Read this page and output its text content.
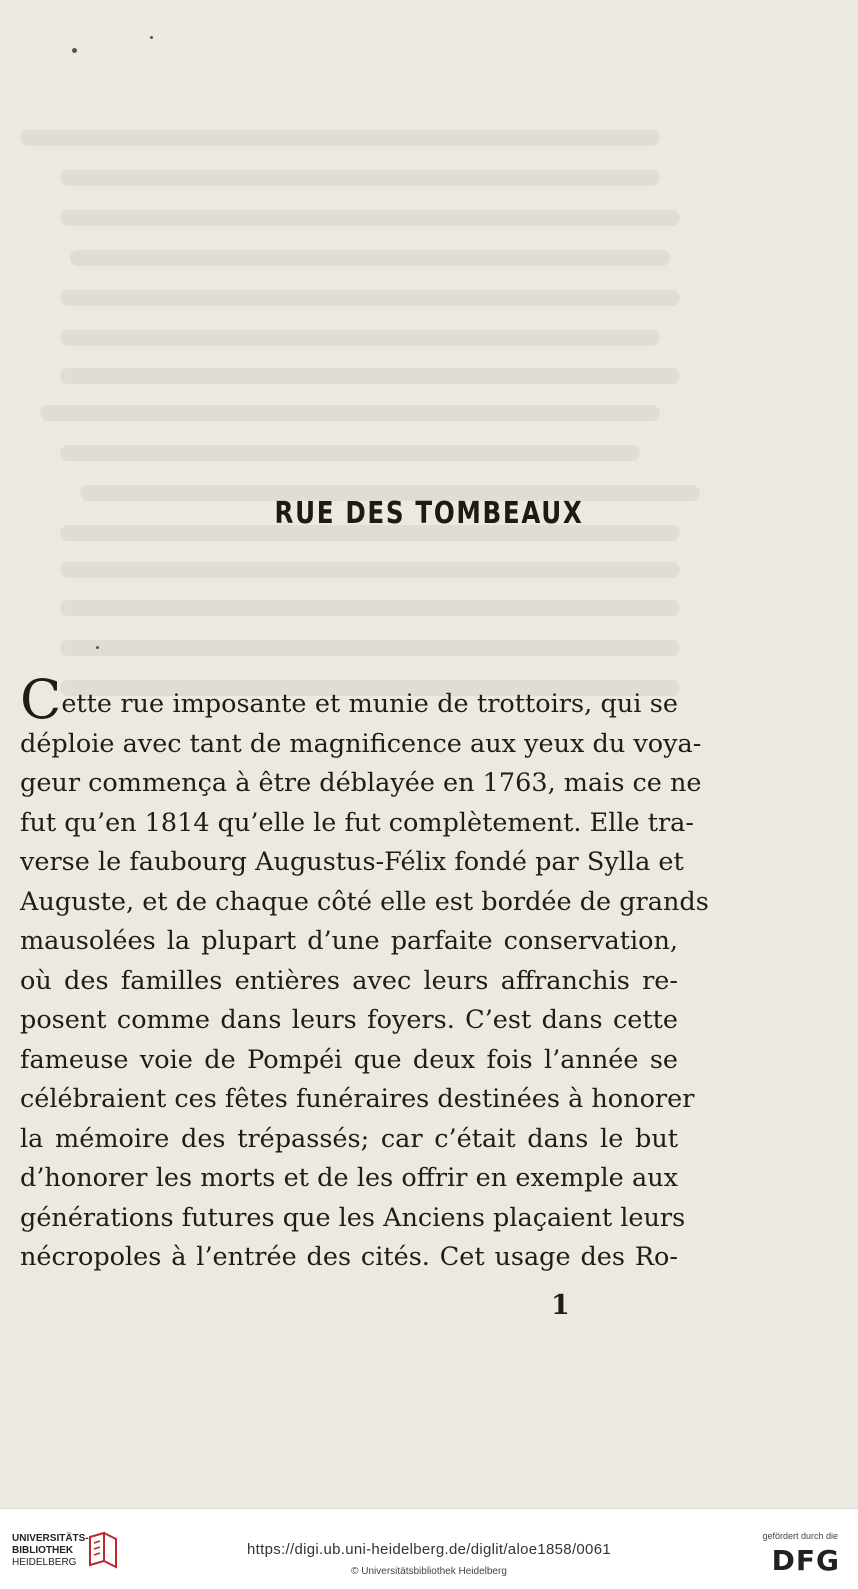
RUE DES TOMBEAUX
Cette rue imposante et munie de trottoirs, qui se
déploie avec tant de magnificence aux yeux du voya-
geur commença à être déblayée en 1763, mais ce ne
fut qu’en 1814 qu’elle le fut complètement. Elle tra-
verse le faubourg Augustus-Félix fondé par Sylla et
Auguste, et de chaque côté elle est bordée de grands
mausolées la plupart d’une parfaite conservation,
où des familles entières avec leurs affranchis re-
posent comme dans leurs foyers. C’est dans cette
fameuse voie de Pompéi que deux fois l’année se
célébraient ces fêtes funéraires destinées à honorer
la mémoire des trépassés; car c’était dans le but
d’honorer les morts et de les offrir en exemple aux
générations futures que les Anciens plaçaient leurs
nécropoles à l’entrée des cités. Cet usage des Ro-
1
UNIVERSITÄTS-
BIBLIOTHEK
HEIDELBERG
https://digi.ub.uni-heidelberg.de/diglit/aloe1858/0061
© Universitätsbibliothek Heidelberg
gefördert durch die
DFG
